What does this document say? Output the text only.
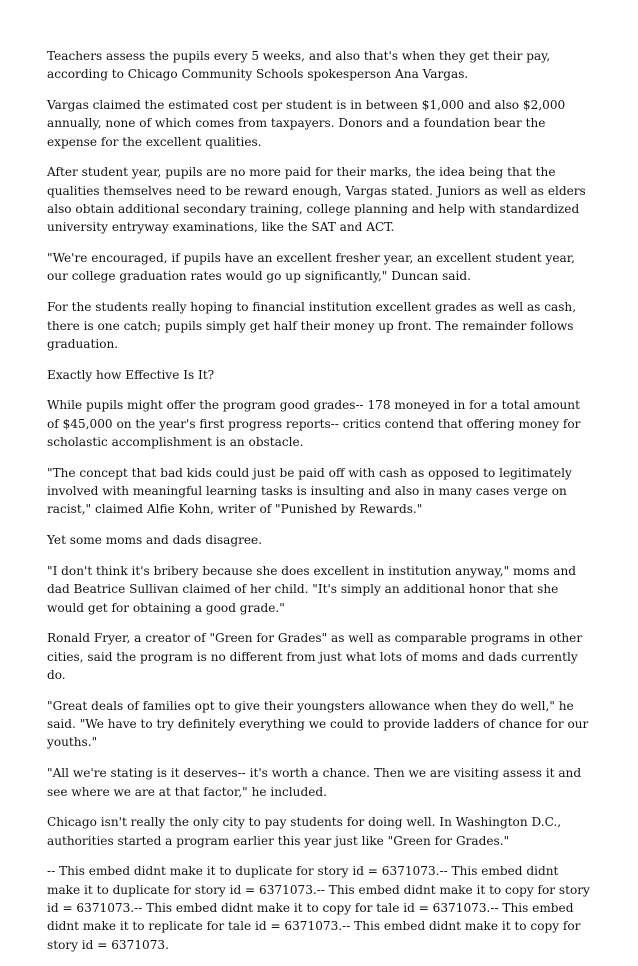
Teachers assess the pupils every 5 weeks, and also that's when they get their pay, according to Chicago Community Schools spokesperson Ana Vargas.

Vargas claimed the estimated cost per student is in between $1,000 and also $2,000 annually, none of which comes from taxpayers. Donors and a foundation bear the expense for the excellent qualities.

After student year, pupils are no more paid for their marks, the idea being that the qualities themselves need to be reward enough, Vargas stated. Juniors as well as elders also obtain additional secondary training, college planning and help with standardized university entryway examinations, like the SAT and ACT.

"We're encouraged, if pupils have an excellent fresher year, an excellent student year, our college graduation rates would go up significantly," Duncan said.

For the students really hoping to financial institution excellent grades as well as cash, there is one catch; pupils simply get half their money up front. The remainder follows graduation.

Exactly how Effective Is It?

While pupils might offer the program good grades-- 178 moneyed in for a total amount of $45,000 on the year's first progress reports-- critics contend that offering money for scholastic accomplishment is an obstacle.

"The concept that bad kids could just be paid off with cash as opposed to legitimately involved with meaningful learning tasks is insulting and also in many cases verge on racist," claimed Alfie Kohn, writer of "Punished by Rewards."

Yet some moms and dads disagree.

"I don't think it's bribery because she does excellent in institution anyway," moms and dad Beatrice Sullivan claimed of her child. "It's simply an additional honor that she would get for obtaining a good grade."

Ronald Fryer, a creator of "Green for Grades" as well as comparable programs in other cities, said the program is no different from just what lots of moms and dads currently do.

"Great deals of families opt to give their youngsters allowance when they do well," he said. "We have to try definitely everything we could to provide ladders of chance for our youths."

"All we're stating is it deserves-- it's worth a chance. Then we are visiting assess it and see where we are at that factor," he included.

Chicago isn't really the only city to pay students for doing well. In Washington D.C., authorities started a program earlier this year just like "Green for Grades."

-- This embed didnt make it to duplicate for story id = 6371073.-- This embed didnt make it to duplicate for story id = 6371073.-- This embed didnt make it to copy for story id = 6371073.-- This embed didnt make it to copy for tale id = 6371073.-- This embed didnt make it to replicate for tale id = 6371073.-- This embed didnt make it to copy for story id = 6371073.
